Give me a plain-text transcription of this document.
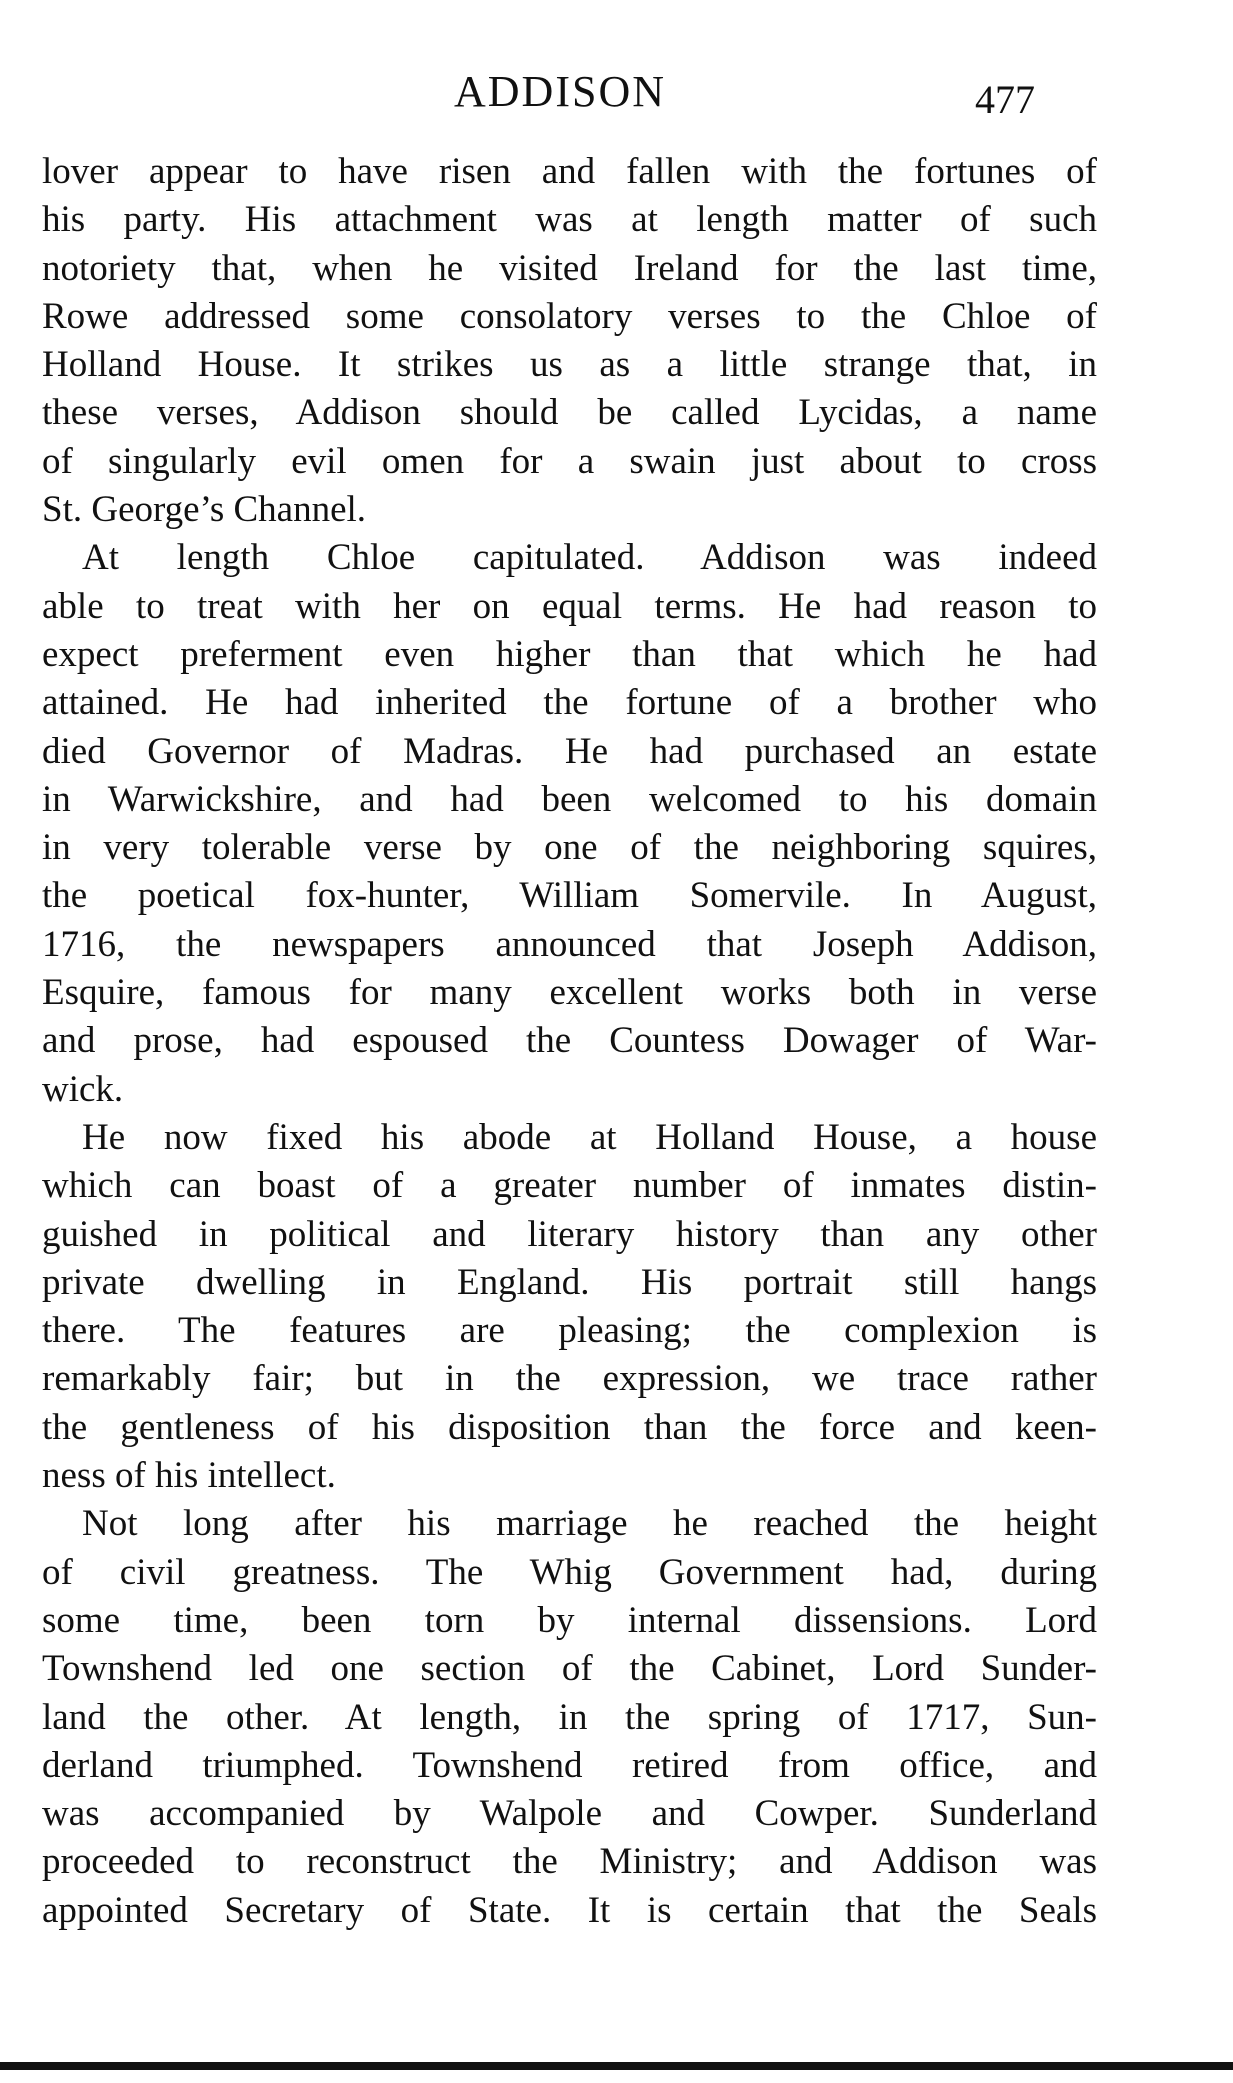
ADDISON	477
lover appear to have risen and fallen with the fortunes of
his party. His attachment was at length matter of such
notoriety that, when he visited Ireland for the last time,
Rowe addressed some consolatory verses to the Chloe of
Holland House. It strikes us as a little strange that, in
these verses, Addison should be called Lycidas, a name
of singularly evil omen for a swain just about to cross
St. George’s Channel.
At length Chloe capitulated. Addison was indeed
able to treat with her on equal terms. He had reason to
expect preferment even higher than that which he had
attained. He had inherited the fortune of a brother who
died Governor of Madras. He had purchased an estate
in Warwickshire, and had been welcomed to his domain
in very tolerable verse by one of the neighboring squires,
the poetical fox-hunter, William Somervile. In August,
1716, the newspapers announced that Joseph Addison,
Esquire, famous for many excellent works both in verse
and prose, had espoused the Countess Dowager of War-
wick.
He now fixed his abode at Holland House, a house
which can boast of a greater number of inmates distin-
guished in political and literary history than any other
private dwelling in England. His portrait still hangs
there. The features are pleasing; the complexion is
remarkably fair; but in the expression, we trace rather
the gentleness of his disposition than the force and keen-
ness of his intellect.
Not long after his marriage he reached the height
of civil greatness. The Whig Government had, during
some time, been torn by internal dissensions. Lord
Townshend led one section of the Cabinet, Lord Sunder-
land the other. At length, in the spring of 1717, Sun-
derland triumphed. Townshend retired from office, and
was accompanied by Walpole and Cowper. Sunderland
proceeded to reconstruct the Ministry; and Addison was
appointed Secretary of State. It is certain that the Seals
